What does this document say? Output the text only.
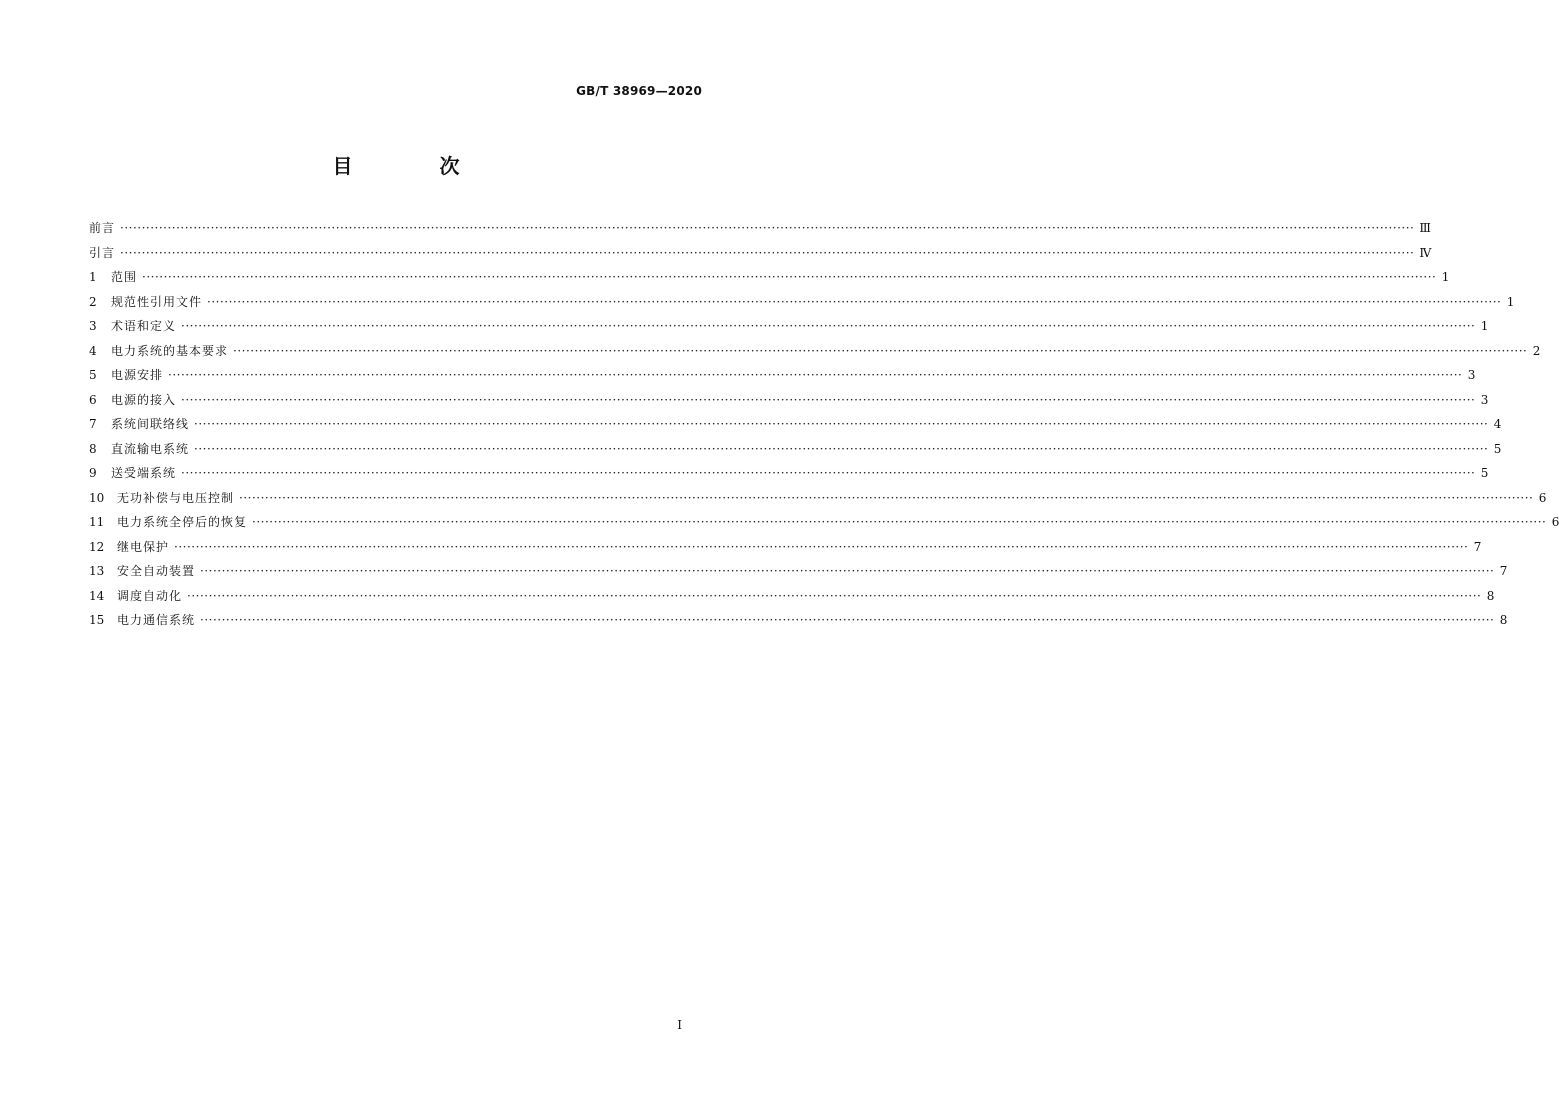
GB/T 38969—2020
目 次
前言 ············································································································································································································································································································ Ⅲ
引言 ············································································································································································································································································································ Ⅳ
1	范围 ············································································································································································································································································································ 1
2	规范性引用文件 ············································································································································································································································································································ 1
3	术语和定义 ············································································································································································································································································································ 1
4	电力系统的基本要求 ············································································································································································································································································································ 2
5	电源安排 ············································································································································································································································································································ 3
6	电源的接入 ············································································································································································································································································································ 3
7	系统间联络线 ············································································································································································································································································································ 4
8	直流输电系统 ············································································································································································································································································································ 5
9	送受端系统 ············································································································································································································································································································ 5
10	无功补偿与电压控制 ············································································································································································································································································································ 6
11	电力系统全停后的恢复 ············································································································································································································································································································ 6
12	继电保护 ············································································································································································································································································································ 7
13	安全自动装置 ············································································································································································································································································································ 7
14	调度自动化 ············································································································································································································································································································ 8
15	电力通信系统 ············································································································································································································································································································ 8
I
